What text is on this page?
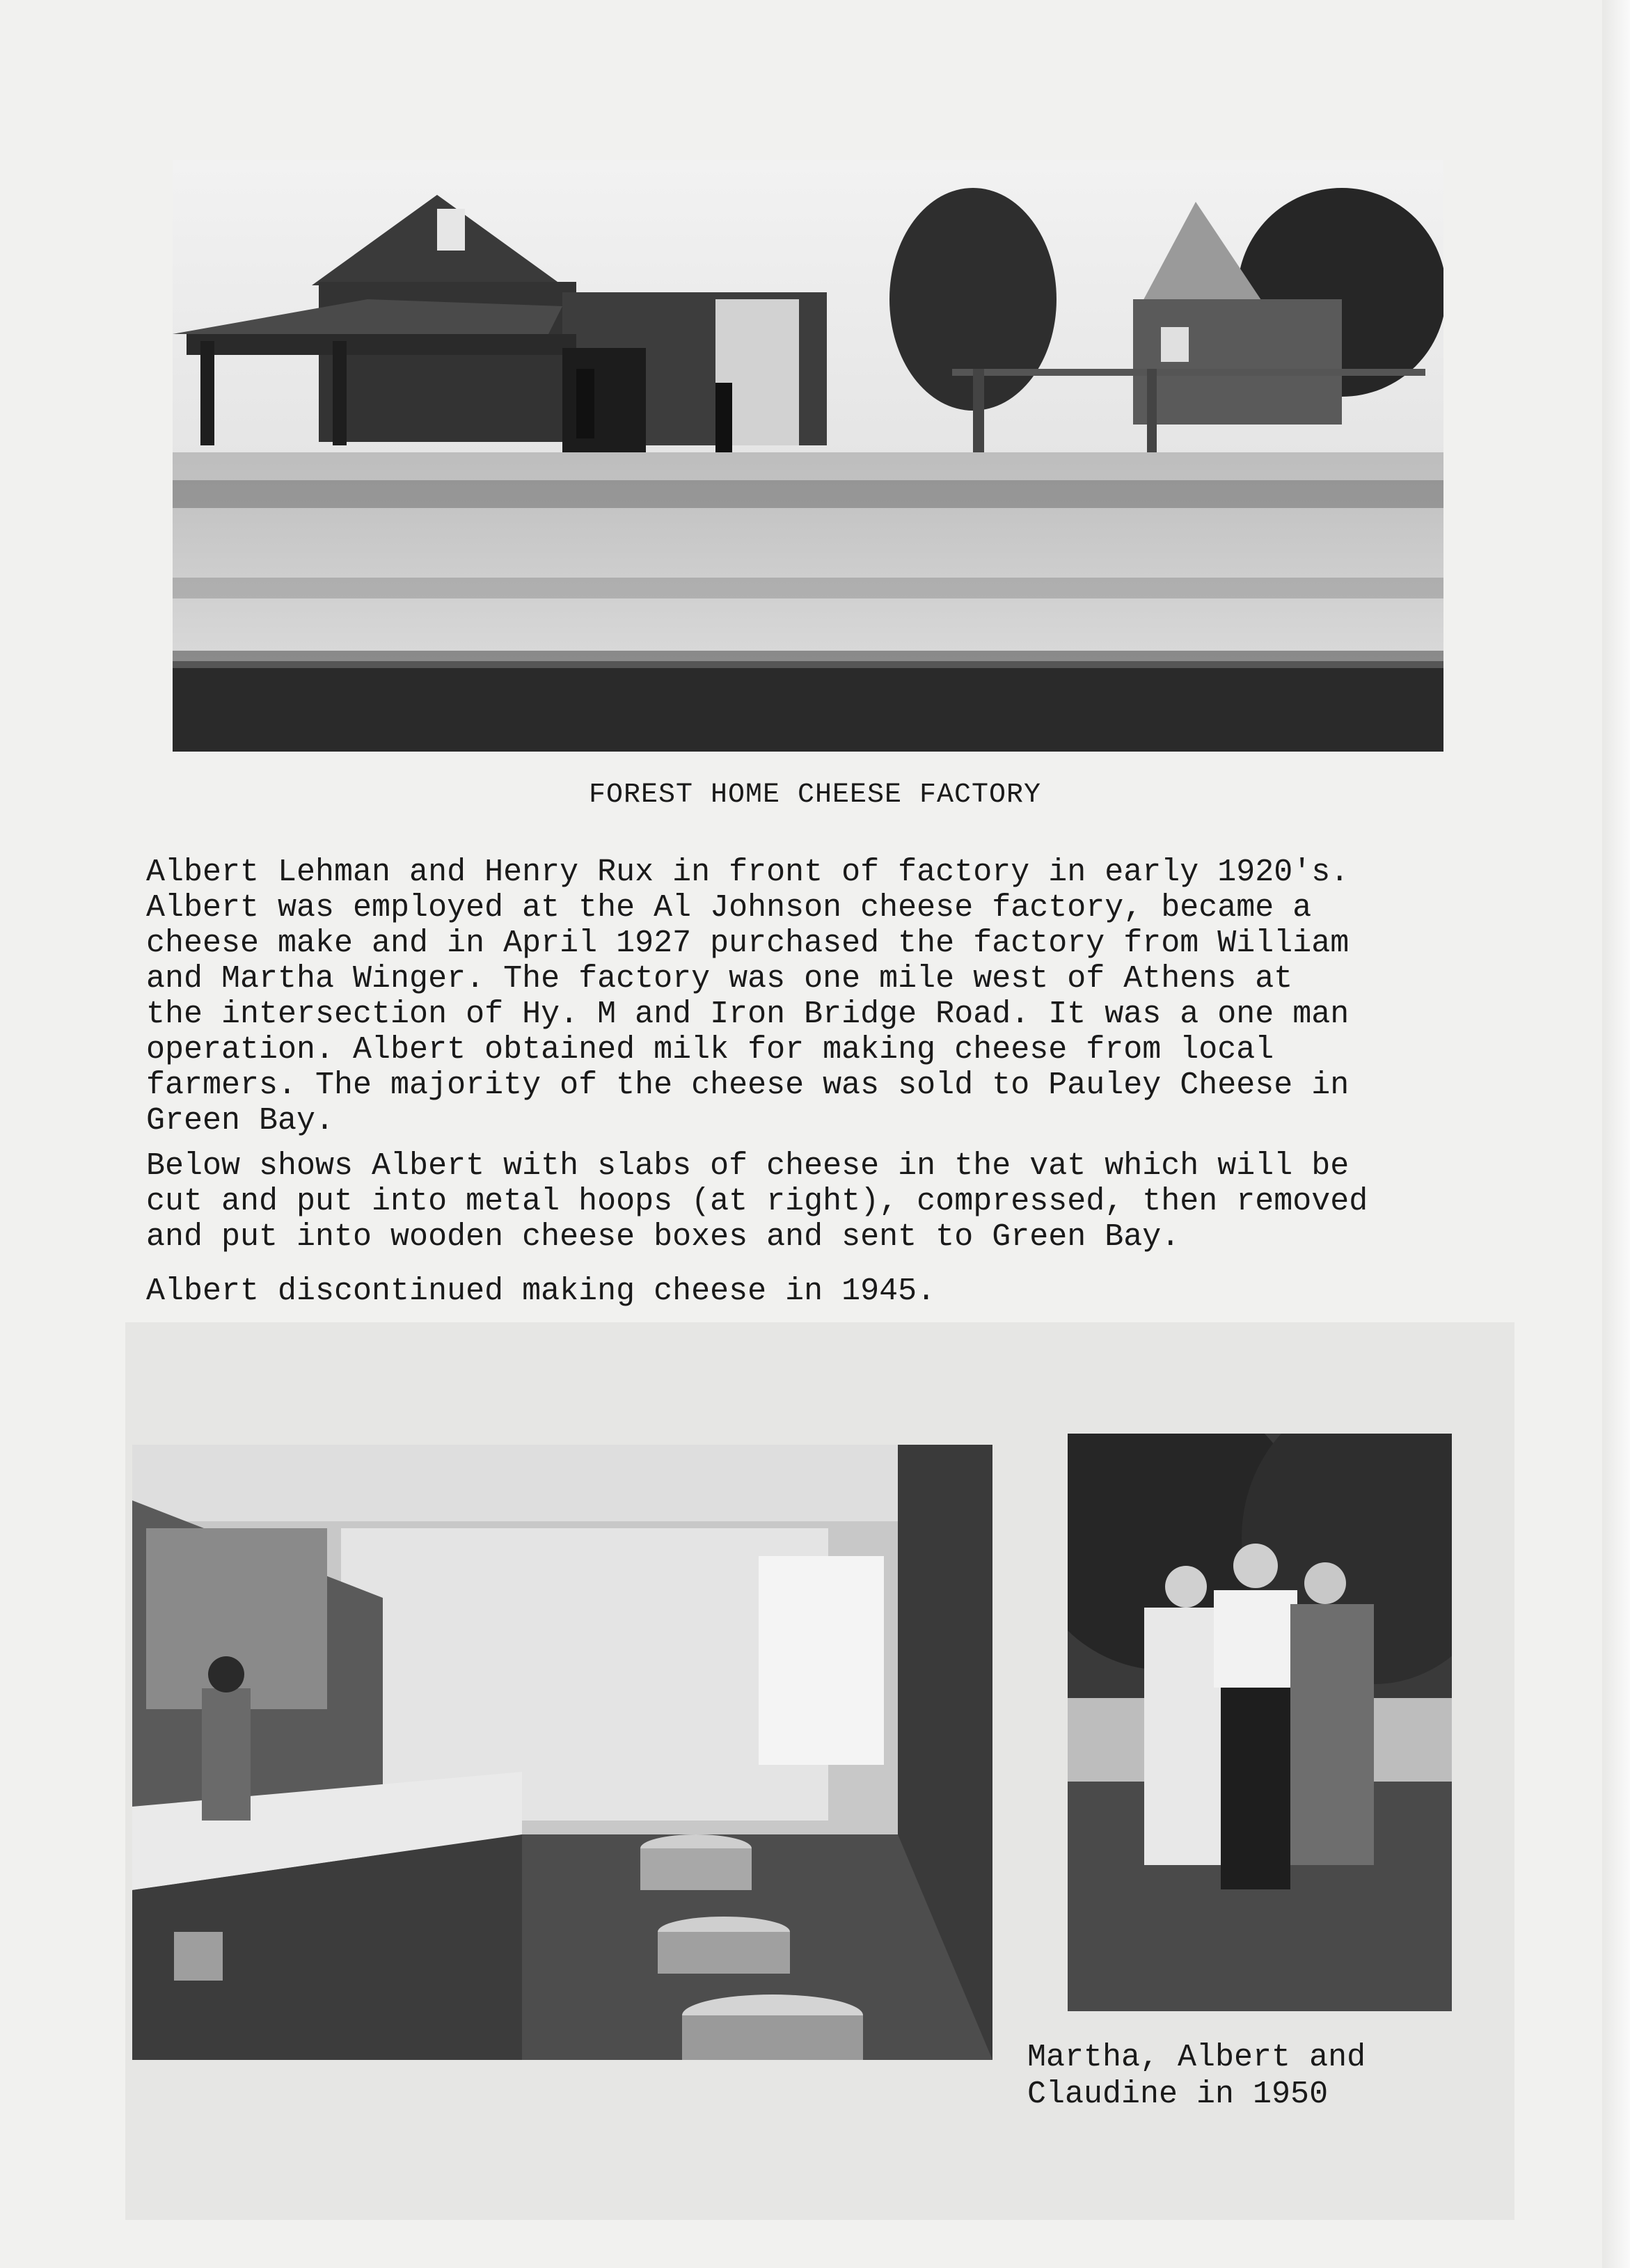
FOREST HOME CHEESE FACTORY
Albert Lehman and Henry Rux in front of factory in early 1920's.
Albert was employed at the Al Johnson cheese factory, became a
cheese make and in April 1927 purchased the factory from William
and Martha Winger. The factory was one mile west of Athens at
the intersection of Hy. M and Iron Bridge Road. It was a one man
operation. Albert obtained milk for making cheese from local
farmers. The majority of the cheese was sold to Pauley Cheese in
Green Bay.
Below shows Albert with slabs of cheese in the vat which will be
cut and put into metal hoops (at right), compressed, then removed
and put into wooden cheese boxes and sent to Green Bay.
Albert discontinued making cheese in 1945.
Martha, Albert and
Claudine in 1950
